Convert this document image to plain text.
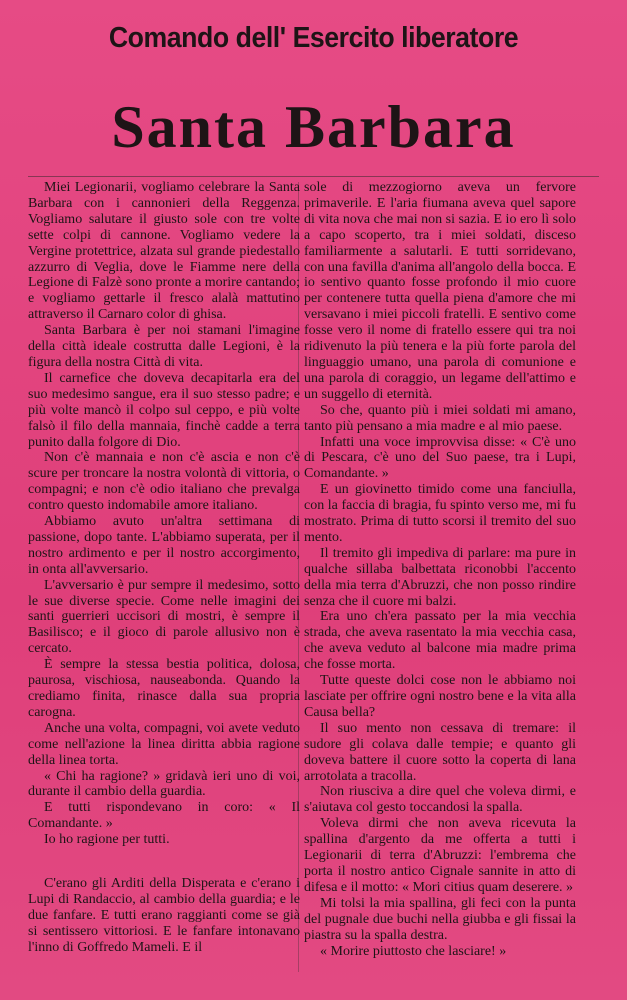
Comando dell' Esercito liberatore
Santa Barbara

Miei Legionarii, vogliamo celebrare la Santa Barbara con i cannonieri della Reggenza. Vogliamo salutare il giusto sole con tre volte sette colpi di cannone. Vogliamo vedere la Vergine protettrice, alzata sul grande piedestallo azzurro di Veglia, dove le Fiamme nere della Legione di Falzè sono pronte a morire cantando; e vogliamo gettarle il fresco alalà mattutino attraverso il Carnaro color di ghisa.

Santa Barbara è per noi stamani l'imagine della città ideale costrutta dalle Legioni, è la figura della nostra Città di vita.

Il carnefice che doveva decapitarla era del suo medesimo sangue, era il suo stesso padre; e più volte mancò il colpo sul ceppo, e più volte falsò il filo della mannaia, finchè cadde a terra punito dalla folgore di Dio.

Non c'è mannaia e non c'è ascia e non c'è scure per troncare la nostra volontà di vittoria, o compagni; e non c'è odio italiano che prevalga contro questo indomabile amore italiano.

Abbiamo avuto un'altra settimana di passione, dopo tante. L'abbiamo superata, per il nostro ardimento e per il nostro accorgimento, in onta all'avversario.

L'avversario è pur sempre il medesimo, sotto le sue diverse specie. Come nelle imagini dei santi guerrieri uccisori di mostri, è sempre il Basilisco; e il gioco di parole allusivo non è cercato.

È sempre la stessa bestia politica, dolosa, paurosa, vischiosa, nauseabonda. Quando la crediamo finita, rinasce dalla sua propria carogna.

Anche una volta, compagni, voi avete veduto come nell'azione la linea diritta abbia ragione della linea torta.

« Chi ha ragione? » gridavà ieri uno di voi, durante il cambio della guardia.

E tutti rispondevano in coro: « Il Comandante. »

Io ho ragione per tutti.

C'erano gli Arditi della Disperata e c'erano i Lupi di Randaccio, al cambio della guardia; e le due fanfare. E tutti erano raggianti come se già si sentissero vittoriosi. E le fanfare intonavano l'inno di Goffredo Mameli. E il

sole di mezzogiorno aveva un fervore primaverile. E l'aria fiumana aveva quel sapore di vita nova che mai non si sazia. E io ero lì solo a capo scoperto, tra i miei soldati, disceso familiarmente a salutarli. E tutti sorridevano, con una favilla d'anima all'angolo della bocca. E io sentivo quanto fosse profondo il mio cuore per contenere tutta quella piena d'amore che mi versavano i miei piccoli fratelli. E sentivo come fosse vero il nome di fratello essere qui tra noi ridivenuto la più tenera e la più forte parola del linguaggio umano, una parola di comunione e una parola di coraggio, un legame dell'attimo e un suggello di eternità.

So che, quanto più i miei soldati mi amano, tanto più pensano a mia madre e al mio paese.

Infatti una voce improvvisa disse: « C'è uno di Pescara, c'è uno del Suo paese, tra i Lupi, Comandante. »

E un giovinetto timido come una fanciulla, con la faccia di bragia, fu spinto verso me, mi fu mostrato. Prima di tutto scorsi il tremito del suo mento.

Il tremito gli impediva di parlare: ma pure in qualche sillaba balbettata riconobbi l'accento della mia terra d'Abruzzi, che non posso rindire senza che il cuore mi balzi.

Era uno ch'era passato per la mia vecchia strada, che aveva rasentato la mia vecchia casa, che aveva veduto al balcone mia madre prima che fosse morta.

Tutte queste dolci cose non le abbiamo noi lasciate per offrire ogni nostro bene e la vita alla Causa bella?

Il suo mento non cessava di tremare: il sudore gli colava dalle tempie; e quanto gli doveva battere il cuore sotto la coperta di lana arrotolata a tracolla.

Non riusciva a dire quel che voleva dirmi, e s'aiutava col gesto toccandosi la spalla.

Voleva dirmi che non aveva ricevuta la spallina d'argento da me offerta a tutti i Legionarii di terra d'Abruzzi: l'embrema che porta il nostro antico Cignale sannite in atto di difesa e il motto: « Mori citius quam deserere. »

Mi tolsi la mia spallina, gli feci con la punta del pugnale due buchi nella giubba e gli fissai la piastra su la spalla destra.

« Morire piuttosto che lasciare! »
